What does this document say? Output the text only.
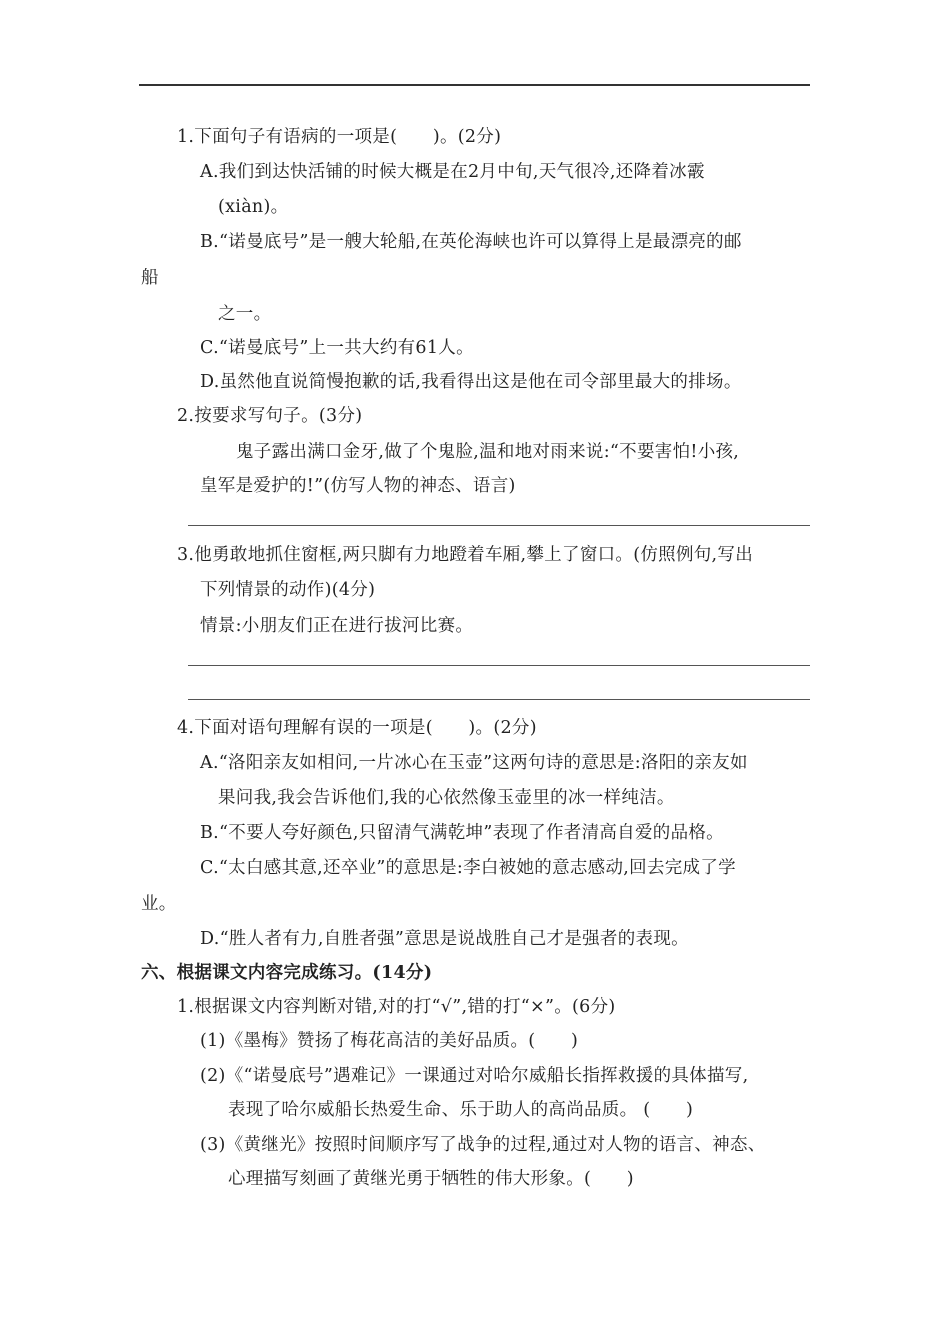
1.下面句子有语病的一项是(　　)。(2分)
A.我们到达快活铺的时候大概是在2月中旬,天气很冷,还降着冰霰
(xiàn)。
B.“诺曼底号”是一艘大轮船,在英伦海峡也许可以算得上是最漂亮的邮
船
之一。
C.“诺曼底号”上一共大约有61人。
D.虽然他直说简慢抱歉的话,我看得出这是他在司令部里最大的排场。
2.按要求写句子。(3分)
鬼子露出满口金牙,做了个鬼脸,温和地对雨来说:“不要害怕!小孩,
皇军是爱护的!”(仿写人物的神态、语言)
3.他勇敢地抓住窗框,两只脚有力地蹬着车厢,攀上了窗口。(仿照例句,写出
下列情景的动作)(4分)
情景:小朋友们正在进行拔河比赛。
4.下面对语句理解有误的一项是(　　)。(2分)
A.“洛阳亲友如相问,一片冰心在玉壶”这两句诗的意思是:洛阳的亲友如
果问我,我会告诉他们,我的心依然像玉壶里的冰一样纯洁。
B.“不要人夸好颜色,只留清气满乾坤”表现了作者清高自爱的品格。
C.“太白感其意,还卒业”的意思是:李白被她的意志感动,回去完成了学
业。
D.“胜人者有力,自胜者强”意思是说战胜自己才是强者的表现。
六、根据课文内容完成练习。(14分)
1.根据课文内容判断对错,对的打“√”,错的打“×”。(6分)
(1)《墨梅》赞扬了梅花高洁的美好品质。(　　)
(2)《“诺曼底号”遇难记》一课通过对哈尔威船长指挥救援的具体描写,
表现了哈尔威船长热爱生命、乐于助人的高尚品质。 (　　)
(3)《黄继光》按照时间顺序写了战争的过程,通过对人物的语言、神态、
心理描写刻画了黄继光勇于牺牲的伟大形象。(　　)
